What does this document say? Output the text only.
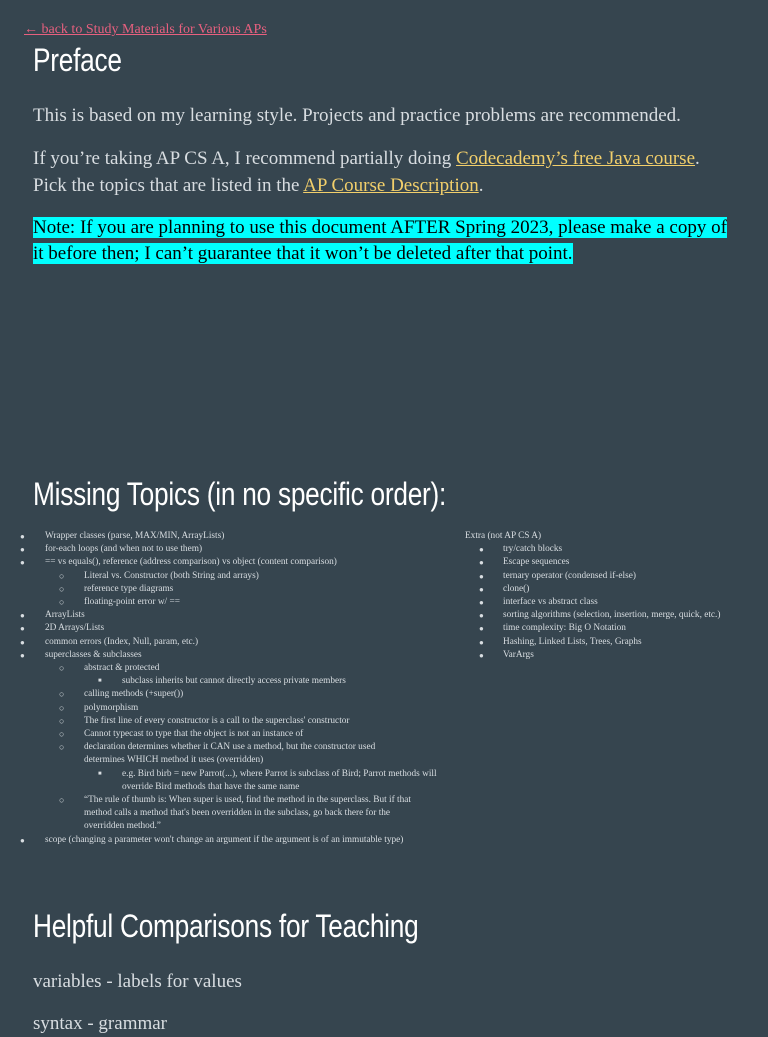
← back to Study Materials for Various APs
Preface

This is based on my learning style. Projects and practice problems are recommended.

If you’re taking AP CS A, I recommend partially doing Codecademy’s free Java course. Pick the topics that are listed in the AP Course Description.

Note: If you are planning to use this document AFTER Spring 2023, please make a copy of it before then; I can’t guarantee that it won’t be deleted after that point.

Missing Topics (in no specific order):
● Wrapper classes (parse, MAX/MIN, ArrayLists)
● for-each loops (and when not to use them)
● == vs equals(), reference (address comparison) vs object (content comparison)
○ Literal vs. Constructor (both String and arrays)
○ reference type diagrams
○ floating-point error w/ ==
● ArrayLists
● 2D Arrays/Lists
● common errors (Index, Null, param, etc.)
● superclasses & subclasses
○ abstract & protected
■ subclass inherits but cannot directly access private members
○ calling methods (+super())
○ polymorphism
○ The first line of every constructor is a call to the superclass' constructor
○ Cannot typecast to type that the object is not an instance of
○ declaration determines whether it CAN use a method, but the constructor used determines WHICH method it uses (overridden)
■ e.g. Bird birb = new Parrot(...), where Parrot is subclass of Bird; Parrot methods will override Bird methods that have the same name
○ “The rule of thumb is: When super is used, find the method in the superclass. But if that method calls a method that's been overridden in the subclass, go back there for the overridden method.”
● scope (changing a parameter won't change an argument if the argument is of an immutable type)
Extra (not AP CS A)
● try/catch blocks
● Escape sequences
● ternary operator (condensed if-else)
● clone()
● interface vs abstract class
● sorting algorithms (selection, insertion, merge, quick, etc.)
● time complexity: Big O Notation
● Hashing, Linked Lists, Trees, Graphs
● VarArgs
Helpful Comparisons for Teaching

variables - labels for values

syntax - grammar
